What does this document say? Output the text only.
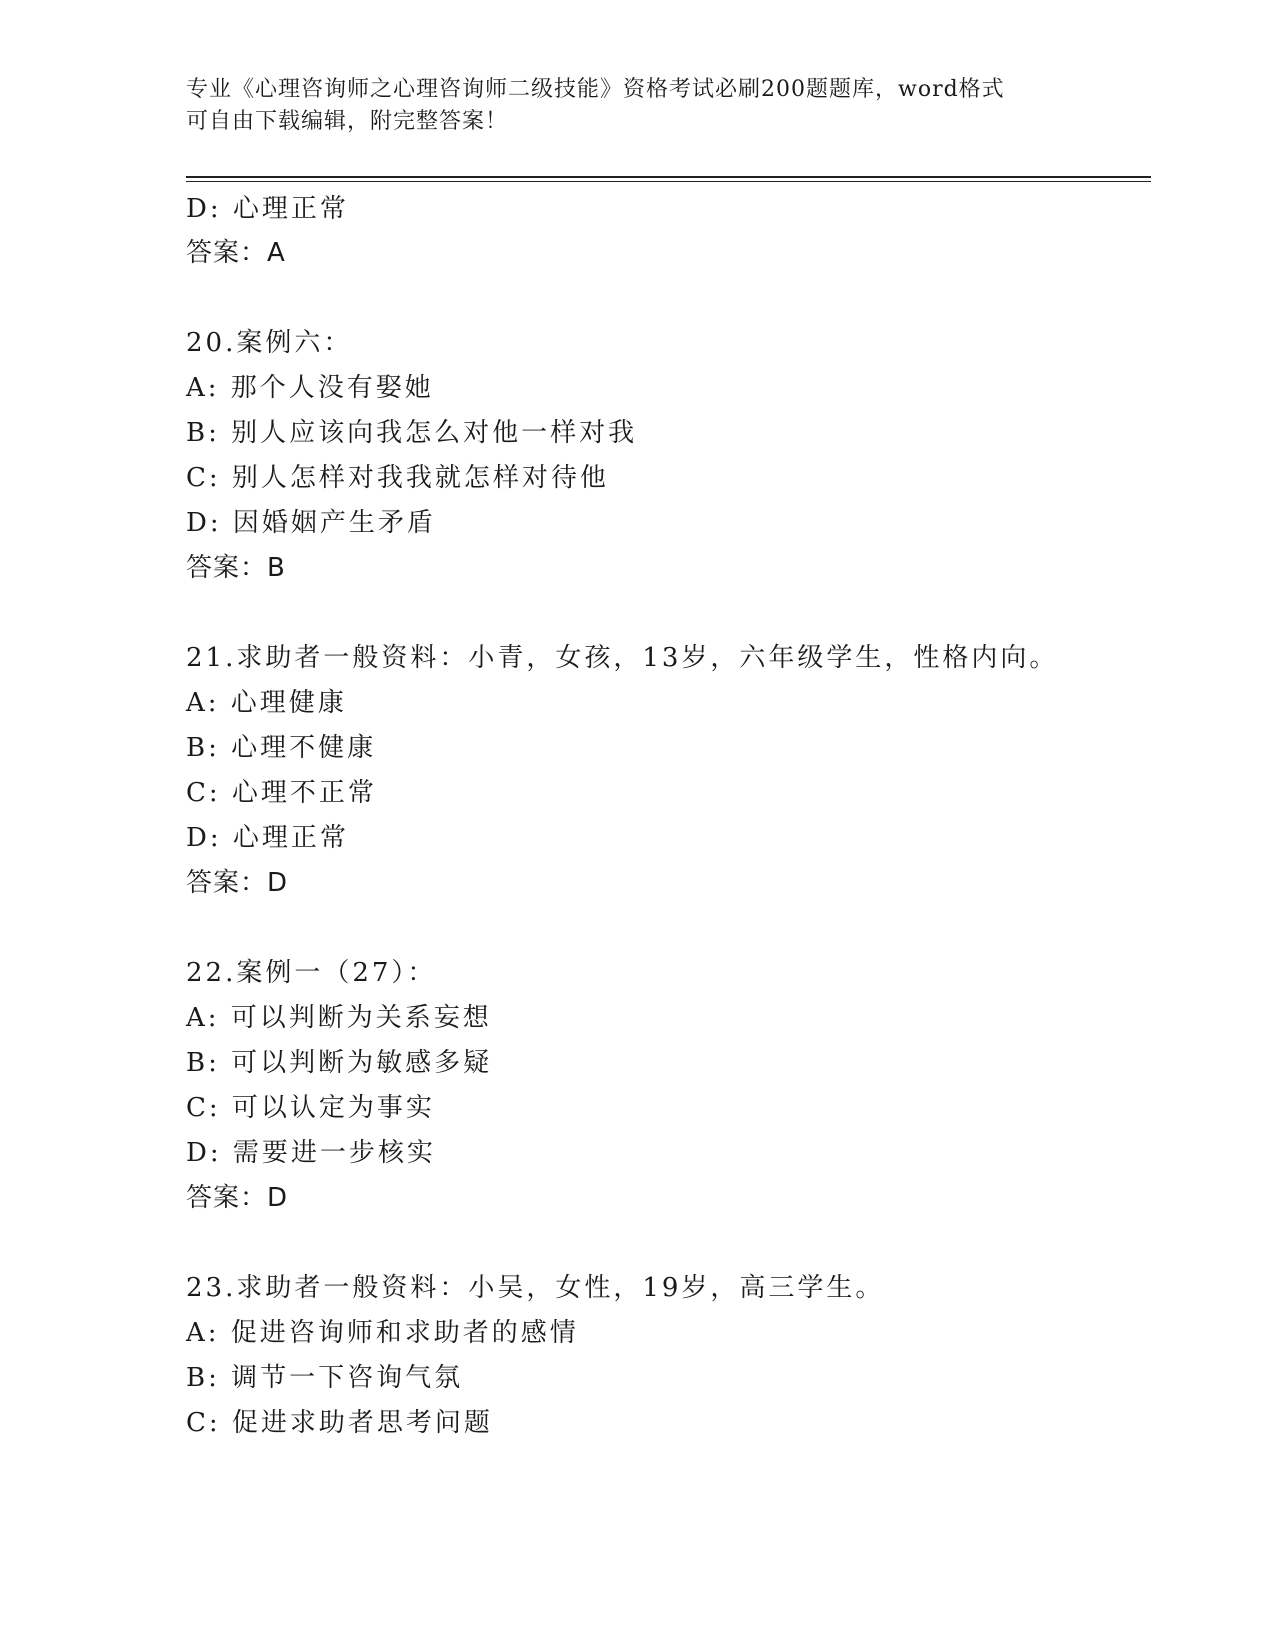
专业《心理咨询师之心理咨询师二级技能》资格考试必刷200题题库，word格式
可自由下载编辑，附完整答案！
D: 心理正常
答案：A
20.案例六：
A: 那个人没有娶她
B: 别人应该向我怎么对他一样对我
C: 别人怎样对我我就怎样对待他
D: 因婚姻产生矛盾
答案：B
21.求助者一般资料：小青，女孩，13岁，六年级学生，性格内向。
A: 心理健康
B: 心理不健康
C: 心理不正常
D: 心理正常
答案：D
22.案例一（27）：
A: 可以判断为关系妄想
B: 可以判断为敏感多疑
C: 可以认定为事实
D: 需要进一步核实
答案：D
23.求助者一般资料：小吴，女性，19岁，高三学生。
A: 促进咨询师和求助者的感情
B: 调节一下咨询气氛
C: 促进求助者思考问题
